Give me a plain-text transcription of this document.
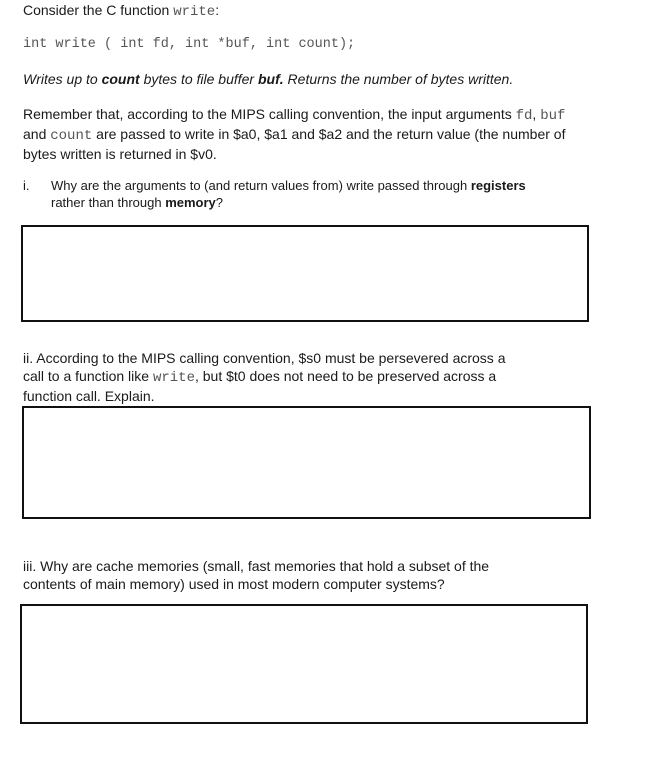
Consider the C function write:
int write ( int fd, int *buf, int count);
Writes up to count bytes to file buffer buf. Returns the number of bytes written.
Remember that, according to the MIPS calling convention, the input arguments fd, buf
and count are passed to write in $a0, $a1 and $a2 and the return value (the number of
bytes written is returned in $v0.
i. Why are the arguments to (and return values from) write passed through registers
rather than through memory?
ii. According to the MIPS calling convention, $s0 must be persevered across a
call to a function like write, but $t0 does not need to be preserved across a
function call. Explain.
iii. Why are cache memories (small, fast memories that hold a subset of the
contents of main memory) used in most modern computer systems?
